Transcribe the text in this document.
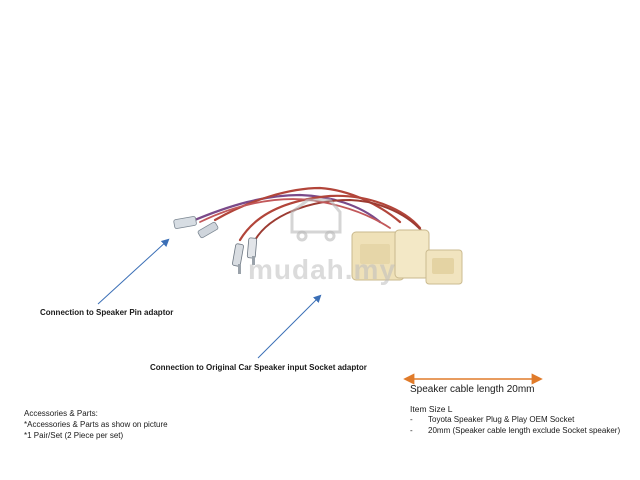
mudah.my
Connection to Speaker Pin adaptor
Connection to Original Car Speaker input Socket adaptor
Speaker cable length 20mm
Accessories & Parts:
*Accessories & Parts as show on picture
*1 Pair/Set (2 Piece per set)
Item Size L
- Toyota Speaker Plug & Play OEM Socket
- 20mm (Speaker cable length exclude Socket speaker)
